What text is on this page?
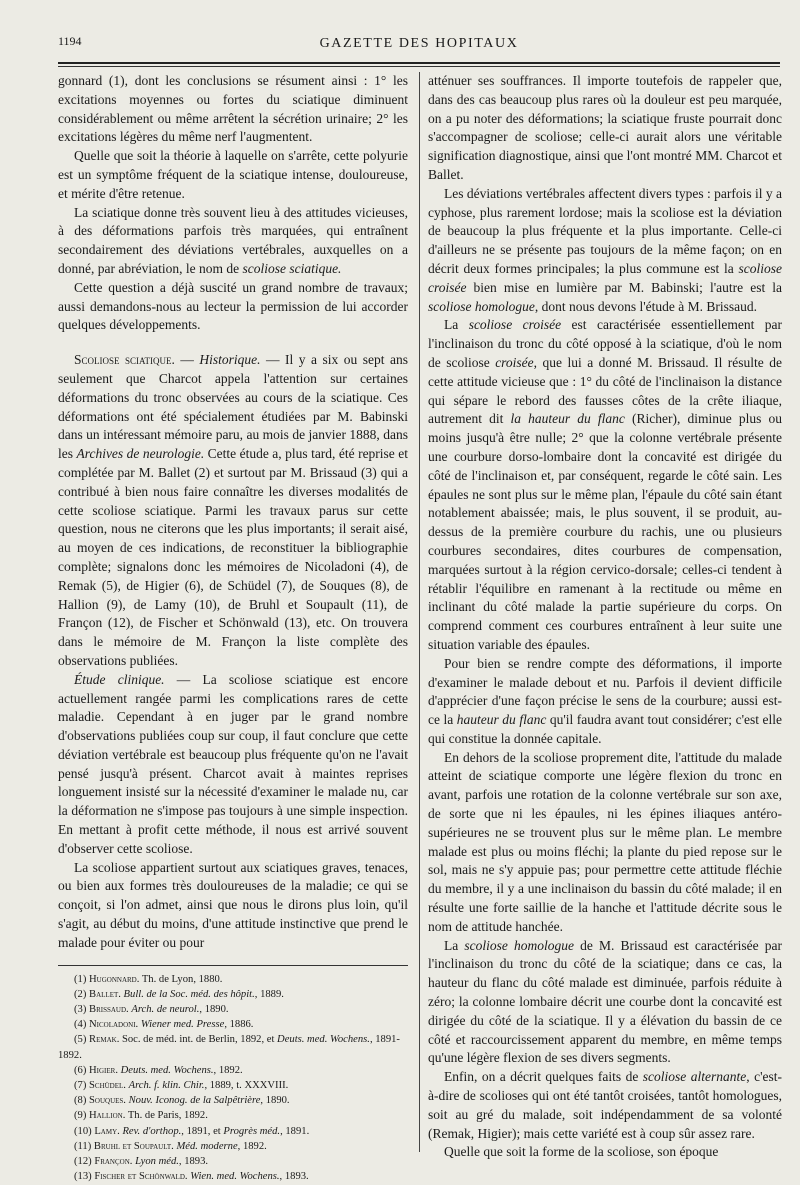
1194	GAZETTE DES HOPITAUX

gonnard (1), dont les conclusions se résument ainsi : 1° les excitations moyennes ou fortes du sciatique diminuent considérablement ou même arrêtent la sécrétion urinaire; 2° les excitations légères du même nerf l'augmentent.

Quelle que soit la théorie à laquelle on s'arrête, cette polyurie est un symptôme fréquent de la sciatique intense, douloureuse, et mérite d'être retenue.

La sciatique donne très souvent lieu à des attitudes vicieuses, à des déformations parfois très marquées, qui entraînent secondairement des déviations vertébrales, auxquelles on a donné, par abréviation, le nom de scoliose sciatique.

Cette question a déjà suscité un grand nombre de travaux; aussi demandons-nous au lecteur la permission de lui accorder quelques développements.

Scoliose sciatique. — Historique. — Il y a six ou sept ans seulement que Charcot appela l'attention sur certaines déformations du tronc observées au cours de la sciatique. Ces déformations ont été spécialement étudiées par M. Babinski dans un intéressant mémoire paru, au mois de janvier 1888, dans les Archives de neurologie. Cette étude a, plus tard, été reprise et complétée par M. Ballet (2) et surtout par M. Brissaud (3) qui a contribué à bien nous faire connaître les diverses modalités de cette scoliose sciatique. Parmi les travaux parus sur cette question, nous ne citerons que les plus importants; il serait aisé, au moyen de ces indications, de reconstituer la bibliographie complète; signalons donc les mémoires de Nicoladoni (4), de Remak (5), de Higier (6), de Schüdel (7), de Souques (8), de Hallion (9), de Lamy (10), de Bruhl et Soupault (11), de Françon (12), de Fischer et Schönwald (13), etc. On trouvera dans le mémoire de M. Françon la liste complète des observations publiées.

Étude clinique. — La scoliose sciatique est encore actuellement rangée parmi les complications rares de cette maladie. Cependant à en juger par le grand nombre d'observations publiées coup sur coup, il faut conclure que cette déviation vertébrale est beaucoup plus fréquente qu'on ne l'avait pensé jusqu'à présent. Charcot avait à maintes reprises longuement insisté sur la nécessité d'examiner le malade nu, car la déformation ne s'impose pas toujours à une simple inspection. En mettant à profit cette méthode, il nous est arrivé souvent d'observer cette scoliose.

La scoliose appartient surtout aux sciatiques graves, tenaces, ou bien aux formes très douloureuses de la maladie; ce qui se conçoit, si l'on admet, ainsi que nous le dirons plus loin, qu'il s'agit, au début du moins, d'une attitude instinctive que prend le malade pour éviter ou pour

(1) Hugonnard. Th. de Lyon, 1880.

(2) Ballet. Bull. de la Soc. méd. des hôpit., 1889.

(3) Brissaud. Arch. de neurol., 1890.

(4) Nicoladoni. Wiener med. Presse, 1886.

(5) Remak. Soc. de méd. int. de Berlin, 1892, et Deuts. med. Wochens., 1891-1892.

(6) Higier. Deuts. med. Wochens., 1892.

(7) Schüdel. Arch. f. klin. Chir., 1889, t. XXXVIII.

(8) Souques. Nouv. Iconog. de la Salpêtrière, 1890.

(9) Hallion. Th. de Paris, 1892.

(10) Lamy. Rev. d'orthop., 1891, et Progrès méd., 1891.

(11) Bruhl et Soupault. Méd. moderne, 1892.

(12) Françon. Lyon méd., 1893.

(13) Fischer et Schönwald. Wien. med. Wochens., 1893.

atténuer ses souffrances. Il importe toutefois de rappeler que, dans des cas beaucoup plus rares où la douleur est peu marquée, on a pu noter des déformations; la sciatique fruste pourrait donc s'accompagner de scoliose; celle-ci aurait alors une véritable signification diagnostique, ainsi que l'ont montré MM. Charcot et Ballet.

Les déviations vertébrales affectent divers types : parfois il y a cyphose, plus rarement lordose; mais la scoliose est la déviation de beaucoup la plus fréquente et la plus importante. Celle-ci d'ailleurs ne se présente pas toujours de la même façon; on en décrit deux formes principales; la plus commune est la scoliose croisée bien mise en lumière par M. Babinski; l'autre est la scoliose homologue, dont nous devons l'étude à M. Brissaud.

La scoliose croisée est caractérisée essentiellement par l'inclinaison du tronc du côté opposé à la sciatique, d'où le nom de scoliose croisée, que lui a donné M. Brissaud. Il résulte de cette attitude vicieuse que : 1° du côté de l'inclinaison la distance qui sépare le rebord des fausses côtes de la crête iliaque, autrement dit la hauteur du flanc (Richer), diminue plus ou moins jusqu'à être nulle; 2° que la colonne vertébrale présente une courbure dorso-lombaire dont la concavité est dirigée du côté de l'inclinaison et, par conséquent, regarde le côté sain. Les épaules ne sont plus sur le même plan, l'épaule du côté sain étant notablement abaissée; mais, le plus souvent, il se produit, au-dessus de la première courbure du rachis, une ou plusieurs courbures secondaires, dites courbures de compensation, marquées surtout à la région cervico-dorsale; celles-ci tendent à rétablir l'équilibre en ramenant à la rectitude ou même en inclinant du côté malade la partie supérieure du corps. On comprend comment ces courbures entraînent à leur suite une situation variable des épaules.

Pour bien se rendre compte des déformations, il importe d'examiner le malade debout et nu. Parfois il devient difficile d'apprécier d'une façon précise le sens de la courbure; aussi est-ce la hauteur du flanc qu'il faudra avant tout considérer; c'est elle qui constitue la donnée capitale.

En dehors de la scoliose proprement dite, l'attitude du malade atteint de sciatique comporte une légère flexion du tronc en avant, parfois une rotation de la colonne vertébrale sur son axe, de sorte que ni les épaules, ni les épines iliaques antéro-supérieures ne se trouvent plus sur le même plan. Le membre malade est plus ou moins fléchi; la plante du pied repose sur le sol, mais ne s'y appuie pas; pour permettre cette attitude fléchie du membre, il y a une inclinaison du bassin du côté malade; il en résulte une forte saillie de la hanche et l'attitude décrite sous le nom de attitude hanchée.

La scoliose homologue de M. Brissaud est caractérisée par l'inclinaison du tronc du côté de la sciatique; dans ce cas, la hauteur du flanc du côté malade est diminuée, parfois réduite à zéro; la colonne lombaire décrit une courbe dont la concavité est dirigée du côté de la sciatique. Il y a élévation du bassin de ce côté et raccourcissement apparent du membre, en même temps qu'une légère flexion de ses divers segments.

Enfin, on a décrit quelques faits de scoliose alternante, c'est-à-dire de scolioses qui ont été tantôt croisées, tantôt homologues, soit au gré du malade, soit indépendamment de sa volonté (Remak, Higier); mais cette variété est à coup sûr assez rare.

Quelle que soit la forme de la scoliose, son époque
